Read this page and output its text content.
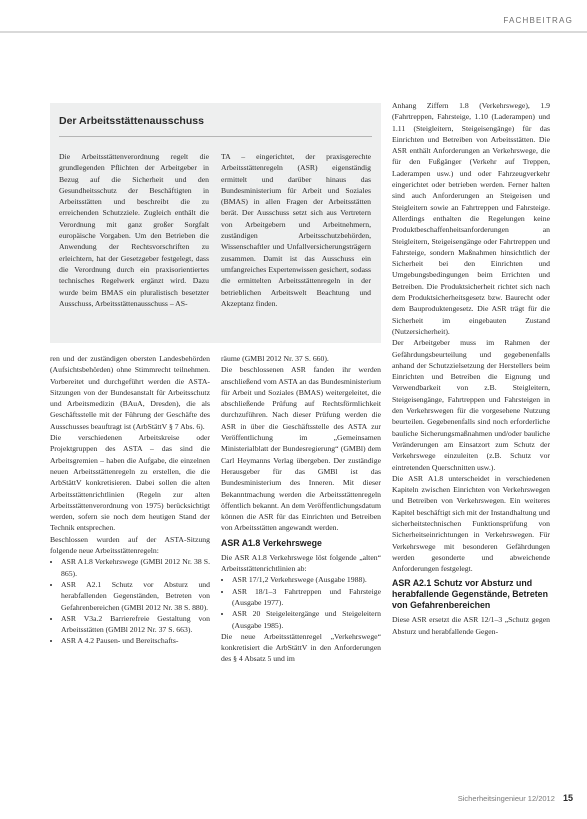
FACHBEITRAG
Der Arbeitsstättenausschuss

Die Arbeitsstättenverordnung regelt die grundlegenden Pflichten der Arbeitgeber in Bezug auf die Sicherheit und den Gesundheitsschutz der Beschäftigten in Arbeitsstätten und beschreibt die zu erreichenden Schutzziele. Zugleich enthält die Verordnung mit ganz großer Sorgfalt europäische Vorgaben. Um den Betrieben die Anwendung der Rechtsvorschriften zu erleichtern, hat der Gesetzgeber festgelegt, dass die Verordnung durch ein praxisorientiertes technisches Regelwerk ergänzt wird. Dazu wurde beim BMAS ein pluralistisch besetzter Ausschuss, Arbeitsstättenausschuss – AS-

TA – eingerichtet, der praxisgerechte Arbeitsstättenregeln (ASR) eigenständig ermittelt und darüber hinaus das Bundesministerium für Arbeit und Soziales (BMAS) in allen Fragen der Arbeitsstätten berät. Der Ausschuss setzt sich aus Vertretern von Arbeitgebern und Arbeitnehmern, zuständigen Arbeitsschutzbehörden, Wissenschaftler und Unfallversicherungsträgern zusammen. Damit ist das Ausschuss ein umfangreiches Expertenwissen gesichert, sodass die ermittelten Arbeitsstättenregeln in der betrieblichen Arbeitswelt Beachtung und Akzeptanz finden.

ren und der zuständigen obersten Landesbehörden (Aufsichtsbehörden) ohne Stimmrecht teilnehmen. Vorbereitet und durchgeführt werden die ASTA-Sitzungen von der Bundesanstalt für Arbeitsschutz und Arbeitsmedizin (BAuA, Dresden), die als Geschäftsstelle mit der Führung der Geschäfte des Ausschusses beauftragt ist (ArbStättV § 7 Abs. 6).

Die verschiedenen Arbeitskreise oder Projektgruppen des ASTA – das sind die Arbeitsgremien – haben die Aufgabe, die einzelnen neuen Arbeitsstättenregeln zu erstellen, die die ArbStättV konkretisieren. Dabei sollen die alten Arbeitsstättenrichtlinien (Regeln zur alten Arbeitsstättenverordnung von 1975) berücksichtigt werden, sofern sie noch dem heutigen Stand der Technik entsprechen.

Beschlossen wurden auf der ASTA-Sitzung folgende neue Arbeitsstättenregeln:

• ASR A1.8 Verkehrswege (GMBl 2012 Nr. 38 S. 865).
• ASR A2.1 Schutz vor Absturz und herabfallenden Gegenständen, Betreten von Gefahrenbereichen (GMBl 2012 Nr. 38 S. 880).
• ASR V3a.2 Barrierefreie Gestaltung von Arbeitsstätten (GMBl 2012 Nr. 37 S. 663).
• ASR A 4.2 Pausen- und Bereitschafts-

räume (GMBl 2012 Nr. 37 S. 660).

Die beschlossenen ASR fanden ihr werden anschließend vom ASTA an das Bundesministerium für Arbeit und Soziales (BMAS) weitergeleitet, die abschließende Prüfung auf Rechtsförmlichkeit durchzuführen. Nach dieser Prüfung werden die ASR in über die Geschäftsstelle des ASTA zur Veröffentlichung im „Gemeinsamen Ministerialblatt der Bundesregierung“ (GMBl) dem Carl Heymanns Verlag übergeben. Der zuständige Herausgeber für das GMBl ist das Bundesministerium des Inneren. Mit dieser Bekanntmachung werden die Arbeitsstättenregeln öffentlich bekannt. An dem Veröffentlichungsdatum können die ASR für das Einrichten und Betreiben von Arbeitsstätten angewandt werden.

ASR A1.8 Verkehrswege

Die ASR A1.8 Verkehrswege löst folgende „alten“ Arbeitsstättenrichtlinien ab:

• ASR 17/1,2 Verkehrswege (Ausgabe 1988).
• ASR 18/1–3 Fahrtreppen und Fahrsteige (Ausgabe 1977).
• ASR 20 Steigeleitergänge und Steigeleitern (Ausgabe 1985).

Die neue Arbeitsstättenregel „Verkehrswege“ konkretisiert die ArbStättV in den Anforderungen des § 4 Absatz 5 und im

Anhang Ziffern 1.8 (Verkehrswege), 1.9 (Fahrtreppen, Fahrsteige, 1.10 (Laderampen) und 1.11 (Steigleitern, Steigeisengänge) für das Einrichten und Betreiben von Arbeitsstätten. Die ASR enthält Anforderungen an Verkehrswege, die für den Fußgänger (Verkehr auf Treppen, Laderampen usw.) und oder Fahrzeugverkehr eingerichtet oder betrieben werden. Ferner halten sind auch Anforderungen an Steigeisen und Steigleitern sowie an Fahrtreppen und Fahrsteige. Allerdings enthalten die Regelungen keine Produktbeschaffenheitsanforderungen an Steigleitern, Steigeisengänge oder Fahrtreppen und Fahrsteige, sondern Maßnahmen hinsichtlich der Sicherheit bei den Einrichten und Umgebungsbedingungen beim Errichten und Betreiben. Die Produktsicherheit richtet sich nach dem Produktsicherheitsgesetz bzw. Baurecht oder dem Bauproduktengesetz. Die ASR trägt für die Sicherheit im eingebauten Zustand (Nutzersicherheit).

Der Arbeitgeber muss im Rahmen der Gefährdungsbeurteilung und gegebenenfalls anhand der Schutzzielsetzung der Herstellers beim Einrichten und Betreiben die Eignung und Verwendbarkeit von z.B. Steigleitern, Steigeisengänge, Fahrtreppen und Fahrsteigen in den Verkehrswegen für die vorgesehene Nutzung beurteilen. Gegebenenfalls sind noch erforderliche bauliche Sicherungsmaßnahmen und/oder bauliche Veränderungen am Einsatzort zum Schutz der Verkehrswege einzuleiten (z.B. Schutz vor eintretenden Querschnitten usw.).

Die ASR A1.8 unterscheidet in verschiedenen Kapiteln zwischen Einrichten von Verkehrswegen und Betreiben von Verkehrswegen. Ein weiteres Kapitel beschäftigt sich mit der Instandhaltung und sicherheitstechnischen Funktionsprüfung von Sicherheitseinrichtungen in Verkehrswegen. Für Verkehrswege mit besonderen Gefährdungen werden gesonderte und abweichende Anforderungen festgelegt.

ASR A2.1 Schutz vor Absturz und herabfallende Gegenstände, Betreten von Gefahrenbereichen

Diese ASR ersetzt die ASR 12/1–3 „Schutz gegen Absturz und herabfallende Gegen-

Sicherheitsingenieur 12/2012 15
